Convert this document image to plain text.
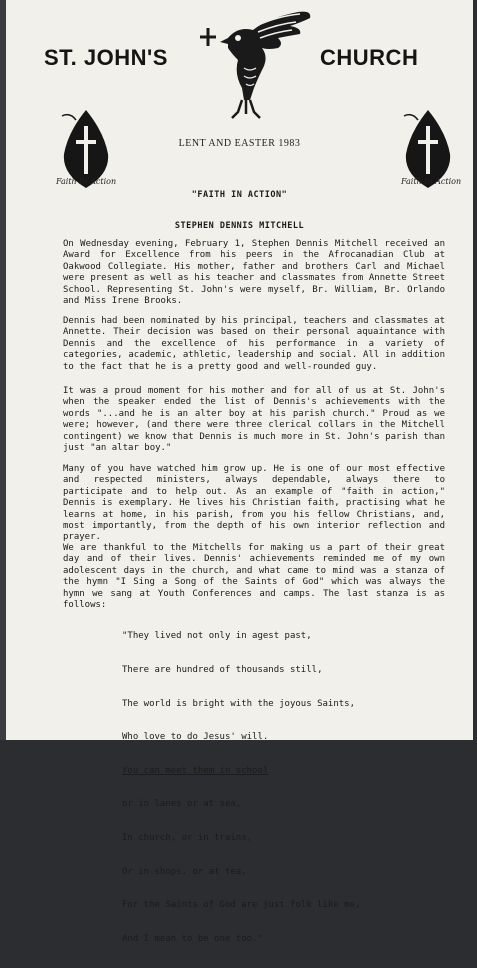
ST. JOHN'S	CHURCH
LENT AND EASTER 1983
Faith In Action	Faith In Action
"FAITH IN ACTION"
STEPHEN DENNIS MITCHELL
On Wednesday evening, February 1, Stephen Dennis Mitchell received an Award for Excellence from his peers in the Afrocanadian Club at Oakwood Collegiate. His mother, father and brothers Carl and Michael were present as well as his teacher and classmates from Annette Street School. Representing St. John's were myself, Br. William, Br. Orlando and Miss Irene Brooks.
Dennis had been nominated by his principal, teachers and classmates at Annette. Their decision was based on their personal aquaintance with Dennis and the excellence of his performance in a variety of categories, academic, athletic, leadership and social. All in addition to the fact that he is a pretty good and well-rounded guy.
It was a proud moment for his mother and for all of us at St. John's when the speaker ended the list of Dennis's achievements with the words "...and he is an alter boy at his parish church." Proud as we were; however, (and there were three clerical collars in the Mitchell contingent) we know that Dennis is much more in St. John's parish than just "an altar boy."
Many of you have watched him grow up. He is one of our most effective and respected ministers, always dependable, always there to participate and to help out. As an example of "faith in action," Dennis is exemplary. He lives his Christian faith, practising what he learns at home, in his parish, from you his fellow Christians, and, most importantly, from the depth of his own interior reflection and prayer.
We are thankful to the Mitchells for making us a part of their great day and of their lives. Dennis' achievements reminded me of my own adolescent days in the church, and what came to mind was a stanza of the hymn "I Sing a Song of the Saints of God" which was always the hymn we sang at Youth Conferences and camps. The last stanza is as follows:

"They lived not only in agest past,

There are hundred of thousands still,

The world is bright with the joyous Saints,

Who love to do Jesus' will.

You can meet them in school

or in lanes or at sea,

In church, or in trains,

Or in shops, or at tea,

For the Saints of God are just folk like me,

And I mean to be one too."
